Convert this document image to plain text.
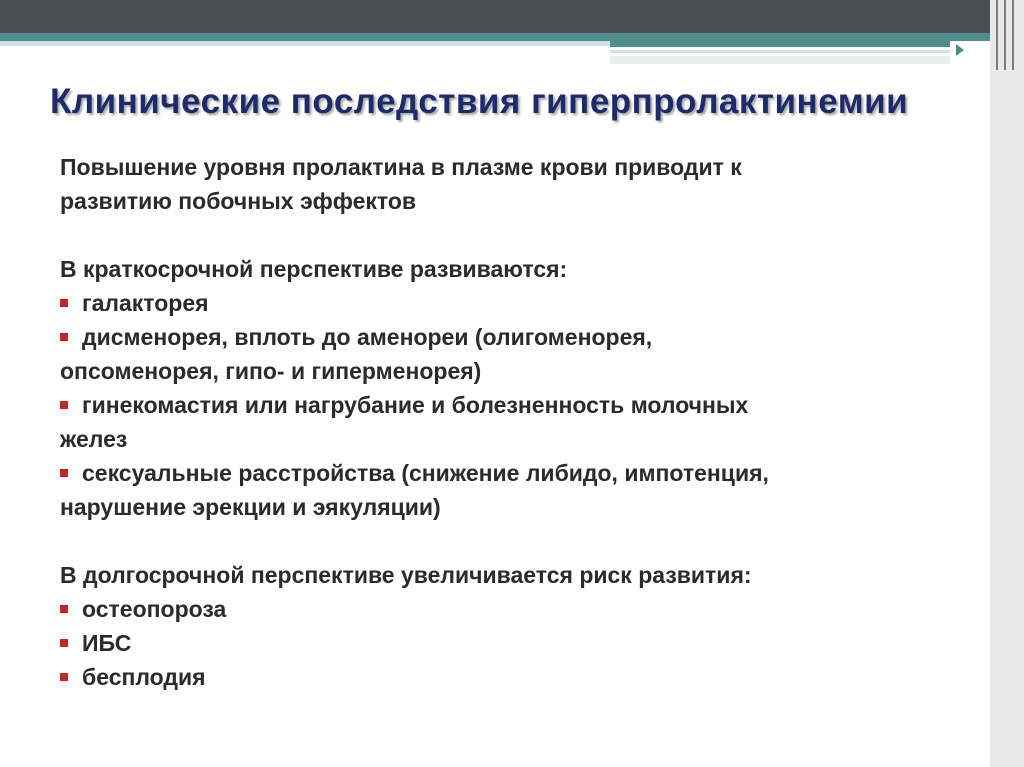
Клинические последствия гиперпролактинемии

Повышение уровня пролактина в плазме крови приводит к

развитию побочных эффектов

В краткосрочной перспективе развиваются:

галакторея

дисменорея, вплоть до аменореи (олигоменорея,

опсоменорея, гипо- и гиперменорея)

гинекомастия или нагрубание и болезненность молочных

желез

сексуальные расстройства (снижение либидо, импотенция,

нарушение эрекции и эякуляции)

В долгосрочной перспективе увеличивается риск развития:

остеопороза

ИБС

бесплодия
